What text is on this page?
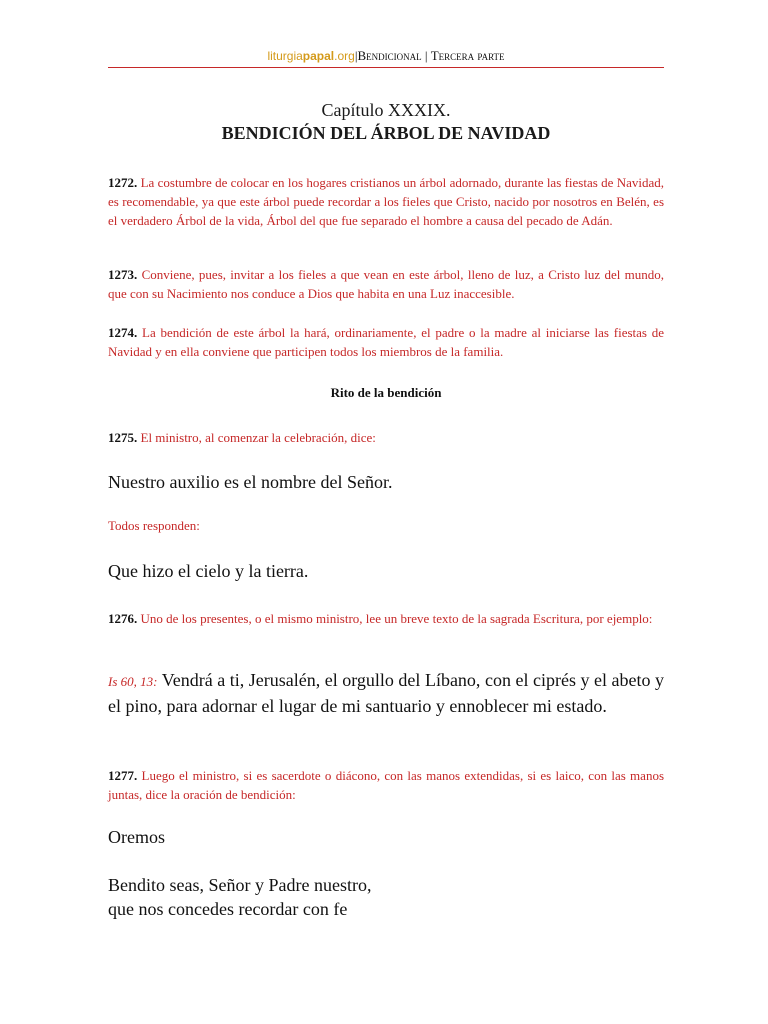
liturgiapapal.org|Bendicional | Tercera parte
Capítulo XXXIX.
BENDICIÓN DEL ÁRBOL DE NAVIDAD
1272. La costumbre de colocar en los hogares cristianos un árbol adornado, durante las fiestas de Navidad, es recomendable, ya que este árbol puede recordar a los fieles que Cristo, nacido por nosotros en Belén, es el verdadero Árbol de la vida, Árbol del que fue separado el hombre a causa del pecado de Adán.
1273. Conviene, pues, invitar a los fieles a que vean en este árbol, lleno de luz, a Cristo luz del mundo, que con su Nacimiento nos conduce a Dios que habita en una Luz inaccesible.
1274. La bendición de este árbol la hará, ordinariamente, el padre o la madre al iniciarse las fiestas de Navidad y en ella conviene que participen todos los miembros de la familia.
Rito de la bendición
1275. El ministro, al comenzar la celebración, dice:
Nuestro auxilio es el nombre del Señor.
Todos responden:
Que hizo el cielo y la tierra.
1276. Uno de los presentes, o el mismo ministro, lee un breve texto de la sagrada Escritura, por ejemplo:
Is 60, 13: Vendrá a ti, Jerusalén, el orgullo del Líbano, con el ciprés y el abeto y el pino, para adornar el lugar de mi santuario y ennoblecer mi estado.
1277. Luego el ministro, si es sacerdote o diácono, con las manos extendidas, si es laico, con las manos juntas, dice la oración de bendición:
Oremos
Bendito seas, Señor y Padre nuestro,
que nos concedes recordar con fe
